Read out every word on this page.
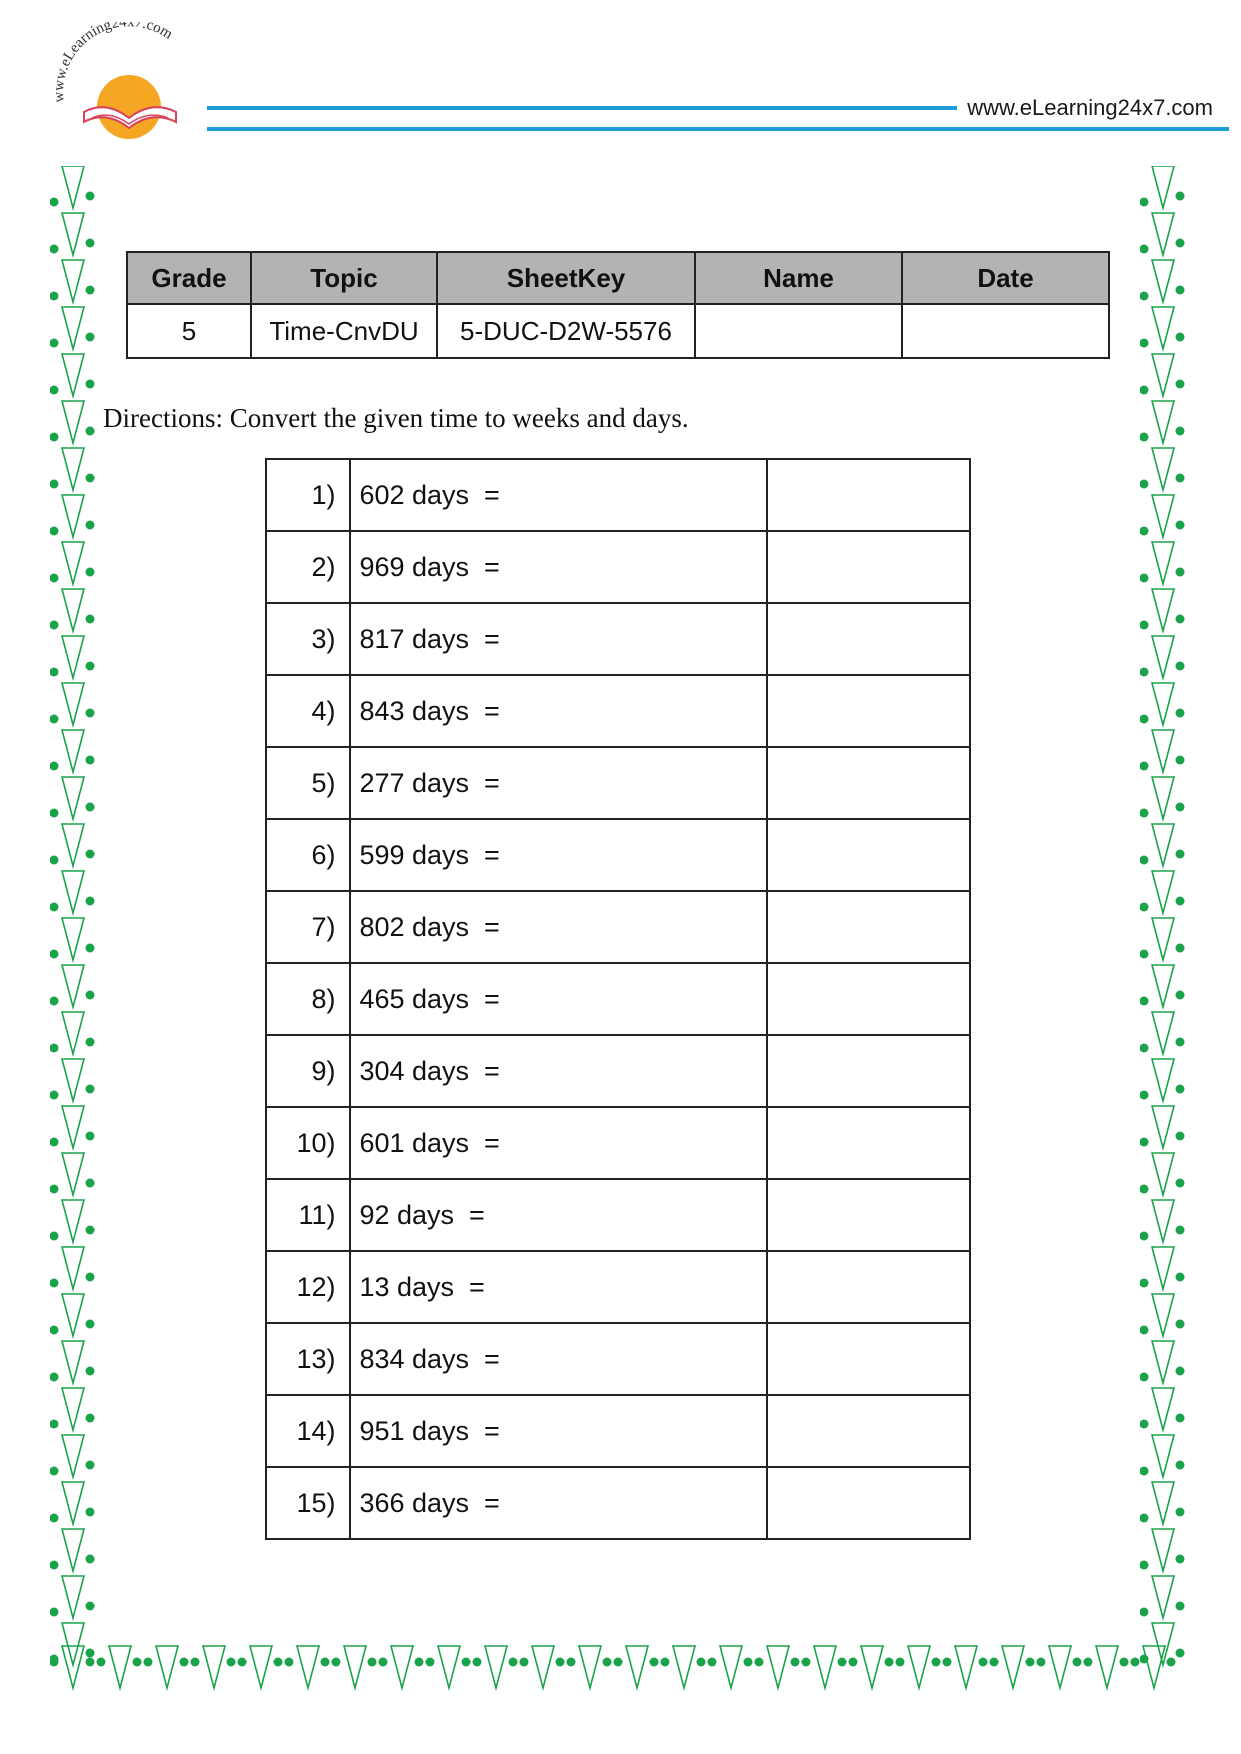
www.eLearning24x7.com
www.eLearning24x7.com
Grade	Topic	SheetKey	Name	Date
5	Time-CnvDU	5-DUC-D2W-5576		
Directions: Convert the given time to weeks and days.
1)	602 days  =	
2)	969 days  =	
3)	817 days  =	
4)	843 days  =	
5)	277 days  =	
6)	599 days  =	
7)	802 days  =	
8)	465 days  =	
9)	304 days  =	
10)	601 days  =	
11)	92 days  =	
12)	13 days  =	
13)	834 days  =	
14)	951 days  =	
15)	366 days  =	
